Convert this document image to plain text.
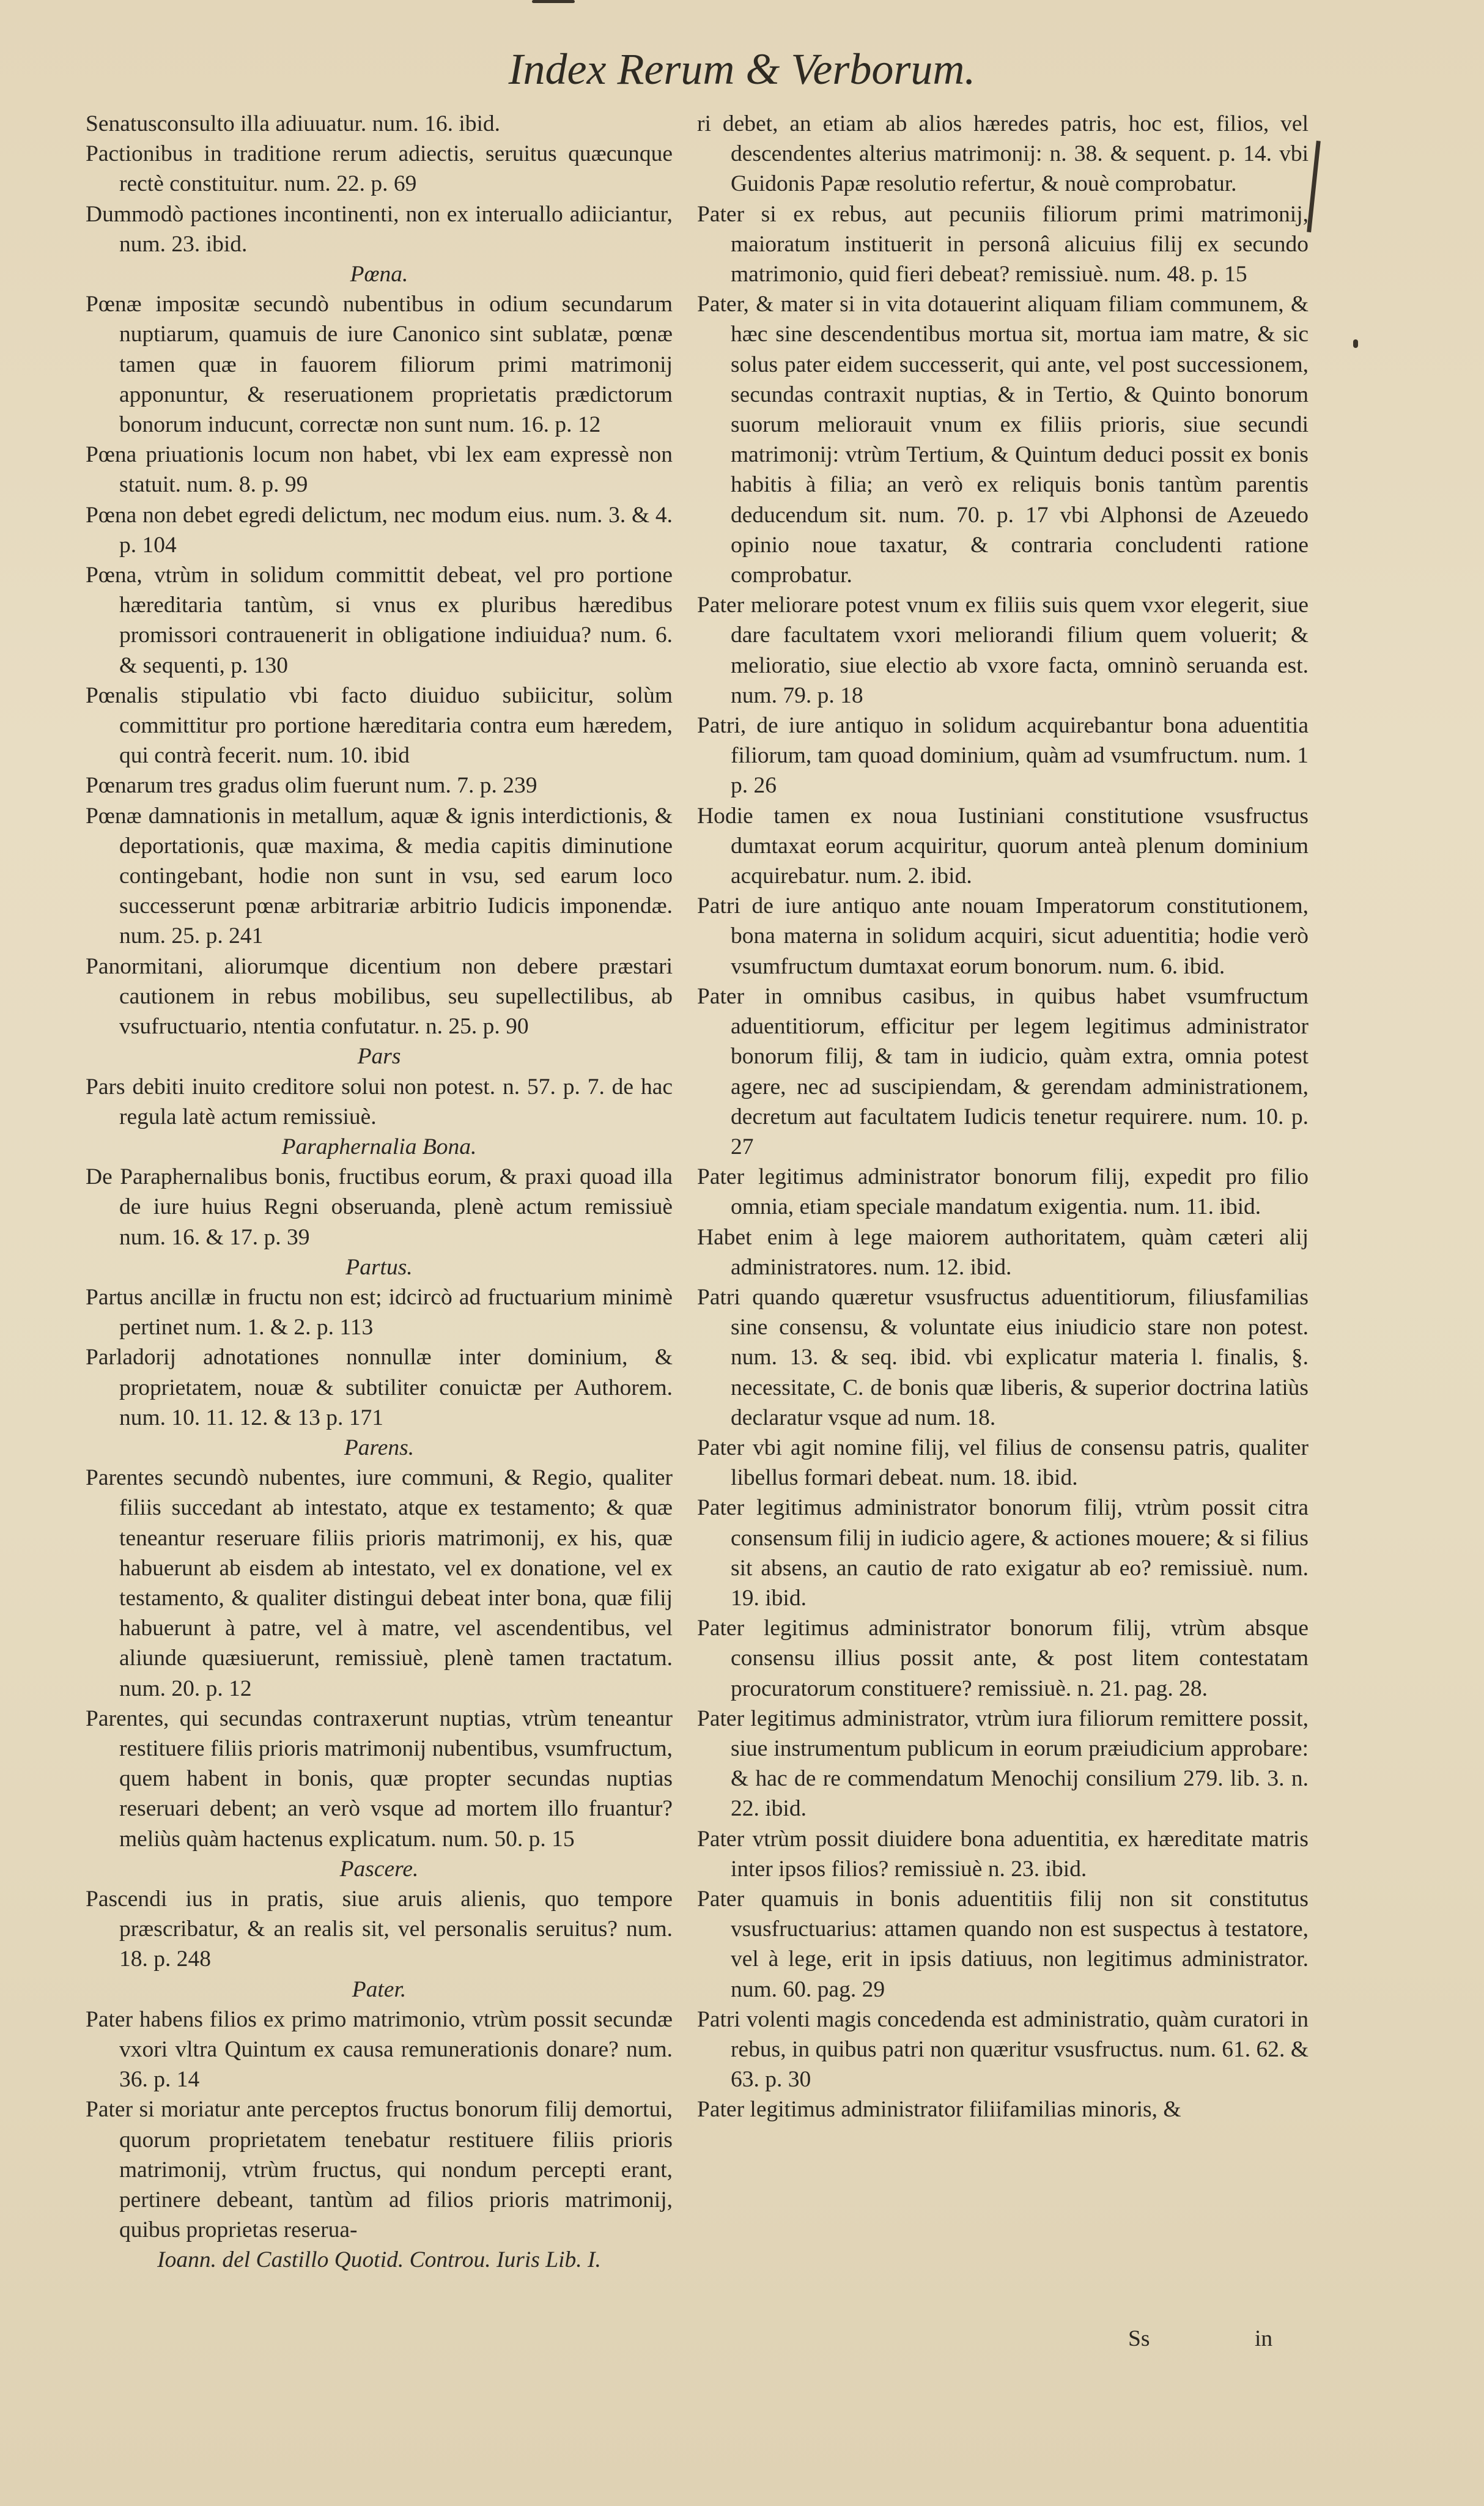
Index Rerum & Verborum.

Senatusconsulto illa adiuuatur. num. 16. ibid.

Pactionibus in traditione rerum adiectis, seruitus quæcunque rectè constituitur. num. 22. p. 69

Dummodò pactiones incontinenti, non ex interuallo adiiciantur, num. 23. ibid.

Pœna.

Pœnæ impositæ secundò nubentibus in odium secundarum nuptiarum, quamuis de iure Canonico sint sublatæ, pœnæ tamen quæ in fauorem filiorum primi matrimonij apponuntur, & reseruationem proprietatis prædictorum bonorum inducunt, correctæ non sunt num. 16. p. 12

Pœna priuationis locum non habet, vbi lex eam expressè non statuit. num. 8. p. 99

Pœna non debet egredi delictum, nec modum eius. num. 3. & 4. p. 104

Pœna, vtrùm in solidum committit debeat, vel pro portione hæreditaria tantùm, si vnus ex pluribus hæredibus promissori contrauenerit in obligatione indiuidua? num. 6. & sequenti, p. 130

Pœnalis stipulatio vbi facto diuiduo subiicitur, solùm committitur pro portione hæreditaria contra eum hæredem, qui contrà fecerit. num. 10. ibid

Pœnarum tres gradus olim fuerunt num. 7. p. 239

Pœnæ damnationis in metallum, aquæ & ignis interdictionis, & deportationis, quæ maxima, & media capitis diminutione contingebant, hodie non sunt in vsu, sed earum loco successerunt pœnæ arbitrariæ arbitrio Iudicis imponendæ. num. 25. p. 241

Panormitani, aliorumque dicentium non debere præstari cautionem in rebus mobilibus, seu supellectilibus, ab vsufructuario, ntentia confutatur. n. 25. p. 90

Pars

Pars debiti inuito creditore solui non potest. n. 57. p. 7. de hac regula latè actum remissiuè.

Paraphernalia Bona.

De Paraphernalibus bonis, fructibus eorum, & praxi quoad illa de iure huius Regni obseruanda, plenè actum remissiuè num. 16. & 17. p. 39

Partus.

Partus ancillæ in fructu non est; idcircò ad fructuarium minimè pertinet num. 1. & 2. p. 113

Parladorij adnotationes nonnullæ inter dominium, & proprietatem, nouæ & subtiliter conuictæ per Authorem. num. 10. 11. 12. & 13 p. 171

Parens.

Parentes secundò nubentes, iure communi, & Regio, qualiter filiis succedant ab intestato, atque ex testamento; & quæ teneantur reseruare filiis prioris matrimonij, ex his, quæ habuerunt ab eisdem ab intestato, vel ex donatione, vel ex testamento, & qualiter distingui debeat inter bona, quæ filij habuerunt à patre, vel à matre, vel ascendentibus, vel aliunde quæsiuerunt, remissiuè, plenè tamen tractatum. num. 20. p. 12

Parentes, qui secundas contraxerunt nuptias, vtrùm teneantur restituere filiis prioris matrimonij nubentibus, vsumfructum, quem habent in bonis, quæ propter secundas nuptias reseruari debent; an verò vsque ad mortem illo fruantur? meliùs quàm hactenus explicatum. num. 50. p. 15

Pascere.

Pascendi ius in pratis, siue aruis alienis, quo tempore præscribatur, & an realis sit, vel personalis seruitus? num. 18. p. 248

Pater.

Pater habens filios ex primo matrimonio, vtrùm possit secundæ vxori vltra Quintum ex causa remunerationis donare? num. 36. p. 14

Pater si moriatur ante perceptos fructus bonorum filij demortui, quorum proprietatem tenebatur restituere filiis prioris matrimonij, vtrùm fructus, qui nondum percepti erant, pertinere debeant, tantùm ad filios prioris matrimonij, quibus proprietas reserua-

Ioann. del Castillo Quotid. Controu. Iuris Lib. I.

ri debet, an etiam ab alios hæredes patris, hoc est, filios, vel descendentes alterius matrimonij: n. 38. & sequent. p. 14. vbi Guidonis Papæ resolutio refertur, & nouè comprobatur.

Pater si ex rebus, aut pecuniis filiorum primi matrimonij, maioratum instituerit in personâ alicuius filij ex secundo matrimonio, quid fieri debeat? remissiuè. num. 48. p. 15

Pater, & mater si in vita dotauerint aliquam filiam communem, & hæc sine descendentibus mortua sit, mortua iam matre, & sic solus pater eidem successerit, qui ante, vel post successionem, secundas contraxit nuptias, & in Tertio, & Quinto bonorum suorum meliorauit vnum ex filiis prioris, siue secundi matrimonij: vtrùm Tertium, & Quintum deduci possit ex bonis habitis à filia; an verò ex reliquis bonis tantùm parentis deducendum sit. num. 70. p. 17 vbi Alphonsi de Azeuedo opinio noue taxatur, & contraria concludenti ratione comprobatur.

Pater meliorare potest vnum ex filiis suis quem vxor elegerit, siue dare facultatem vxori meliorandi filium quem voluerit; & melioratio, siue electio ab vxore facta, omninò seruanda est. num. 79. p. 18

Patri, de iure antiquo in solidum acquirebantur bona aduentitia filiorum, tam quoad dominium, quàm ad vsumfructum. num. 1 p. 26

Hodie tamen ex noua Iustiniani constitutione vsusfructus dumtaxat eorum acquiritur, quorum anteà plenum dominium acquirebatur. num. 2. ibid.

Patri de iure antiquo ante nouam Imperatorum constitutionem, bona materna in solidum acquiri, sicut aduentitia; hodie verò vsumfructum dumtaxat eorum bonorum. num. 6. ibid.

Pater in omnibus casibus, in quibus habet vsumfructum aduentitiorum, efficitur per legem legitimus administrator bonorum filij, & tam in iudicio, quàm extra, omnia potest agere, nec ad suscipiendam, & gerendam administrationem, decretum aut facultatem Iudicis tenetur requirere. num. 10. p. 27

Pater legitimus administrator bonorum filij, expedit pro filio omnia, etiam speciale mandatum exigentia. num. 11. ibid.

Habet enim à lege maiorem authoritatem, quàm cæteri alij administratores. num. 12. ibid.

Patri quando quæretur vsusfructus aduentitiorum, filiusfamilias sine consensu, & voluntate eius iniudicio stare non potest. num. 13. & seq. ibid. vbi explicatur materia l. finalis, §. necessitate, C. de bonis quæ liberis, & superior doctrina latiùs declaratur vsque ad num. 18.

Pater vbi agit nomine filij, vel filius de consensu patris, qualiter libellus formari debeat. num. 18. ibid.

Pater legitimus administrator bonorum filij, vtrùm possit citra consensum filij in iudicio agere, & actiones mouere; & si filius sit absens, an cautio de rato exigatur ab eo? remissiuè. num. 19. ibid.

Pater legitimus administrator bonorum filij, vtrùm absque consensu illius possit ante, & post litem contestatam procuratorum constituere? remissiuè. n. 21. pag. 28.

Pater legitimus administrator, vtrùm iura filiorum remittere possit, siue instrumentum publicum in eorum præiudicium approbare: & hac de re commendatum Menochij consilium 279. lib. 3. n. 22. ibid.

Pater vtrùm possit diuidere bona aduentitia, ex hæreditate matris inter ipsos filios? remissiuè n. 23. ibid.

Pater quamuis in bonis aduentitiis filij non sit constitutus vsusfructuarius: attamen quando non est suspectus à testatore, vel à lege, erit in ipsis datiuus, non legitimus administrator. num. 60. pag. 29

Patri volenti magis concedenda est administratio, quàm curatori in rebus, in quibus patri non quæritur vsusfructus. num. 61. 62. & 63. p. 30

Pater legitimus administrator filiifamilias minoris, &

Ss	in
